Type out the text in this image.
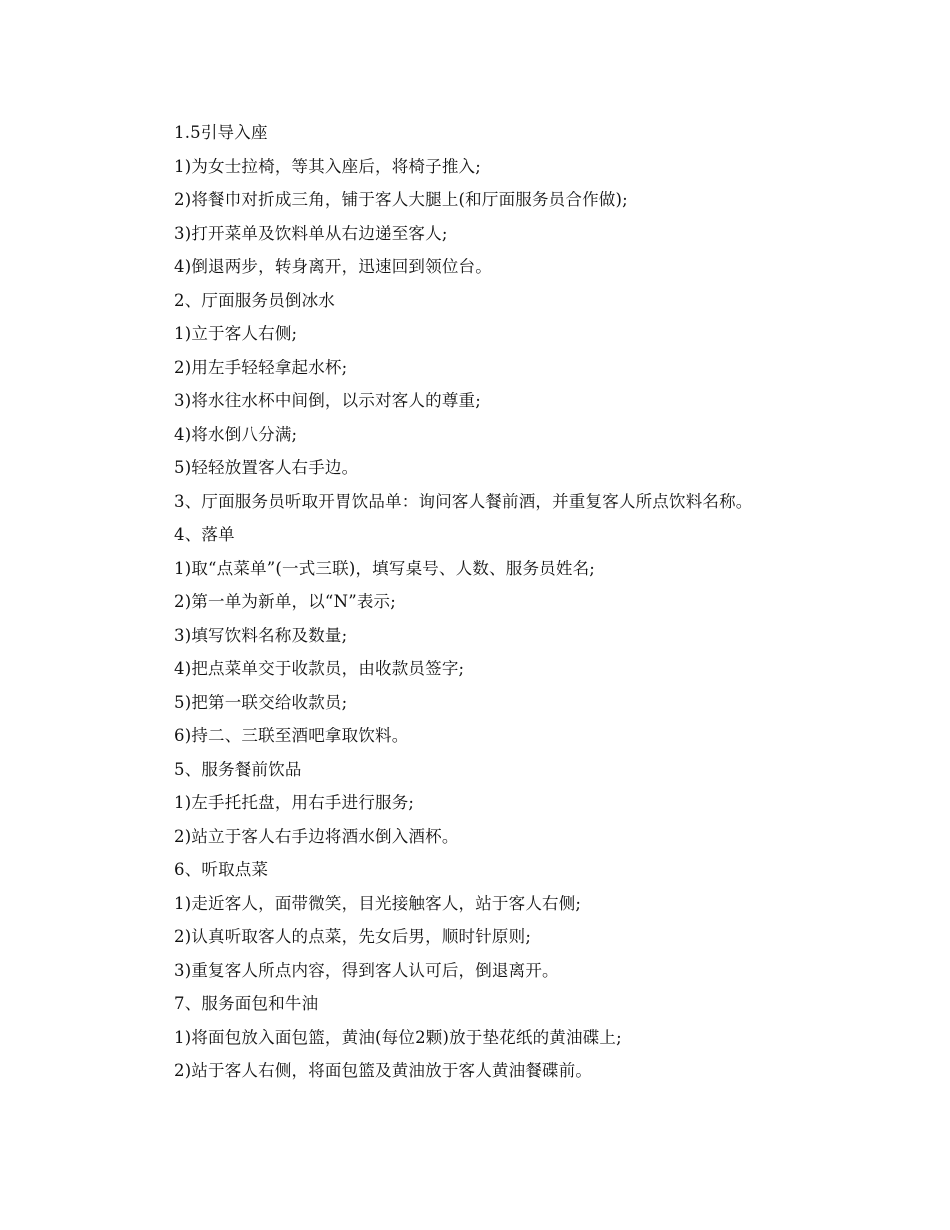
1.5引导入座
1)为女士拉椅，等其入座后，将椅子推入;
2)将餐巾对折成三角，铺于客人大腿上(和厅面服务员合作做);
3)打开菜单及饮料单从右边递至客人;
4)倒退两步，转身离开，迅速回到领位台。
2、厅面服务员倒冰水
1)立于客人右侧;
2)用左手轻轻拿起水杯;
3)将水往水杯中间倒，以示对客人的尊重;
4)将水倒八分满;
5)轻轻放置客人右手边。
3、厅面服务员听取开胃饮品单：询问客人餐前酒，并重复客人所点饮料名称。
4、落单
1)取“点菜单”(一式三联)，填写桌号、人数、服务员姓名;
2)第一单为新单，以“N”表示;
3)填写饮料名称及数量;
4)把点菜单交于收款员，由收款员签字;
5)把第一联交给收款员;
6)持二、三联至酒吧拿取饮料。
5、服务餐前饮品
1)左手托托盘，用右手进行服务;
2)站立于客人右手边将酒水倒入酒杯。
6、听取点菜
1)走近客人，面带微笑，目光接触客人，站于客人右侧;
2)认真听取客人的点菜，先女后男，顺时针原则;
3)重复客人所点内容，得到客人认可后，倒退离开。
7、服务面包和牛油
1)将面包放入面包篮，黄油(每位2颗)放于垫花纸的黄油碟上;
2)站于客人右侧，将面包篮及黄油放于客人黄油餐碟前。
